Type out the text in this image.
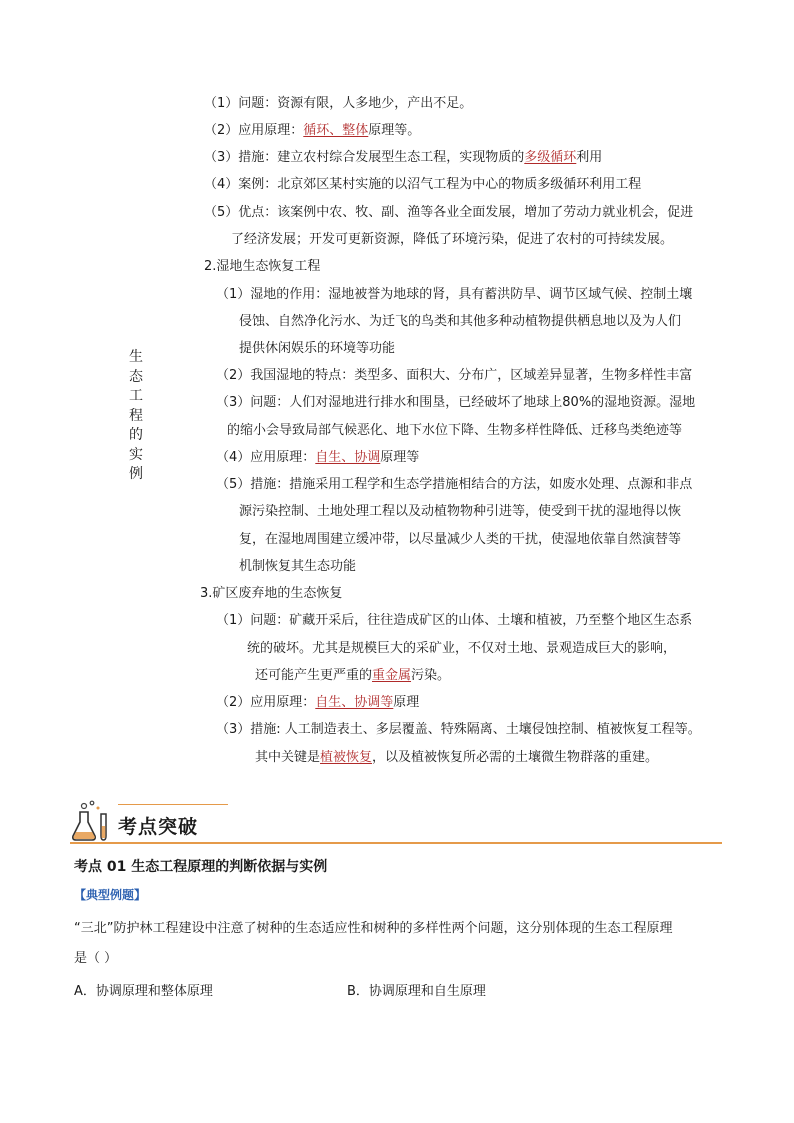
生
态
工
程
的
实
例
（1）问题：资源有限，人多地少，产出不足。
（2）应用原理：循环、整体原理等。
（3）措施：建立农村综合发展型生态工程，实现物质的多级循环利用
（4）案例：北京郊区某村实施的以沼气工程为中心的物质多级循环利用工程
（5）优点：该案例中农、牧、副、渔等各业全面发展，增加了劳动力就业机会，促进
了经济发展；开发可更新资源，降低了环境污染，促进了农村的可持续发展。
2.湿地生态恢复工程
（1）湿地的作用：湿地被誉为地球的肾，具有蓄洪防旱、调节区域气候、控制土壤
侵蚀、自然净化污水、为迁飞的鸟类和其他多种动植物提供栖息地以及为人们
提供休闲娱乐的环境等功能
（2）我国湿地的特点：类型多、面积大、分布广，区域差异显著，生物多样性丰富
（3）问题：人们对湿地进行排水和围垦，已经破坏了地球上80%的湿地资源。湿地
的缩小会导致局部气候恶化、地下水位下降、生物多样性降低、迁移鸟类绝迹等
（4）应用原理：自生、协调原理等
（5）措施：措施采用工程学和生态学措施相结合的方法，如废水处理、点源和非点
源污染控制、土地处理工程以及动植物物种引进等，使受到干扰的湿地得以恢
复，在湿地周围建立缓冲带，以尽量减少人类的干扰，使湿地依靠自然演替等
机制恢复其生态功能
3.矿区废弃地的生态恢复
（1）问题：矿藏开采后，往往造成矿区的山体、土壤和植被，乃至整个地区生态系
统的破坏。尤其是规模巨大的采矿业，不仅对土地、景观造成巨大的影响，
还可能产生更严重的重金属污染。
（2）应用原理：自生、协调等原理
（3）措施: 人工制造表土、多层覆盖、特殊隔离、土壤侵蚀控制、植被恢复工程等。
其中关键是植被恢复，以及植被恢复所必需的土壤微生物群落的重建。
考点突破
考点 01 生态工程原理的判断依据与实例
【典型例题】
“三北”防护林工程建设中注意了树种的生态适应性和树种的多样性两个问题，这分别体现的生态工程原理
是（ ）
A．协调原理和整体原理	B．协调原理和自生原理
